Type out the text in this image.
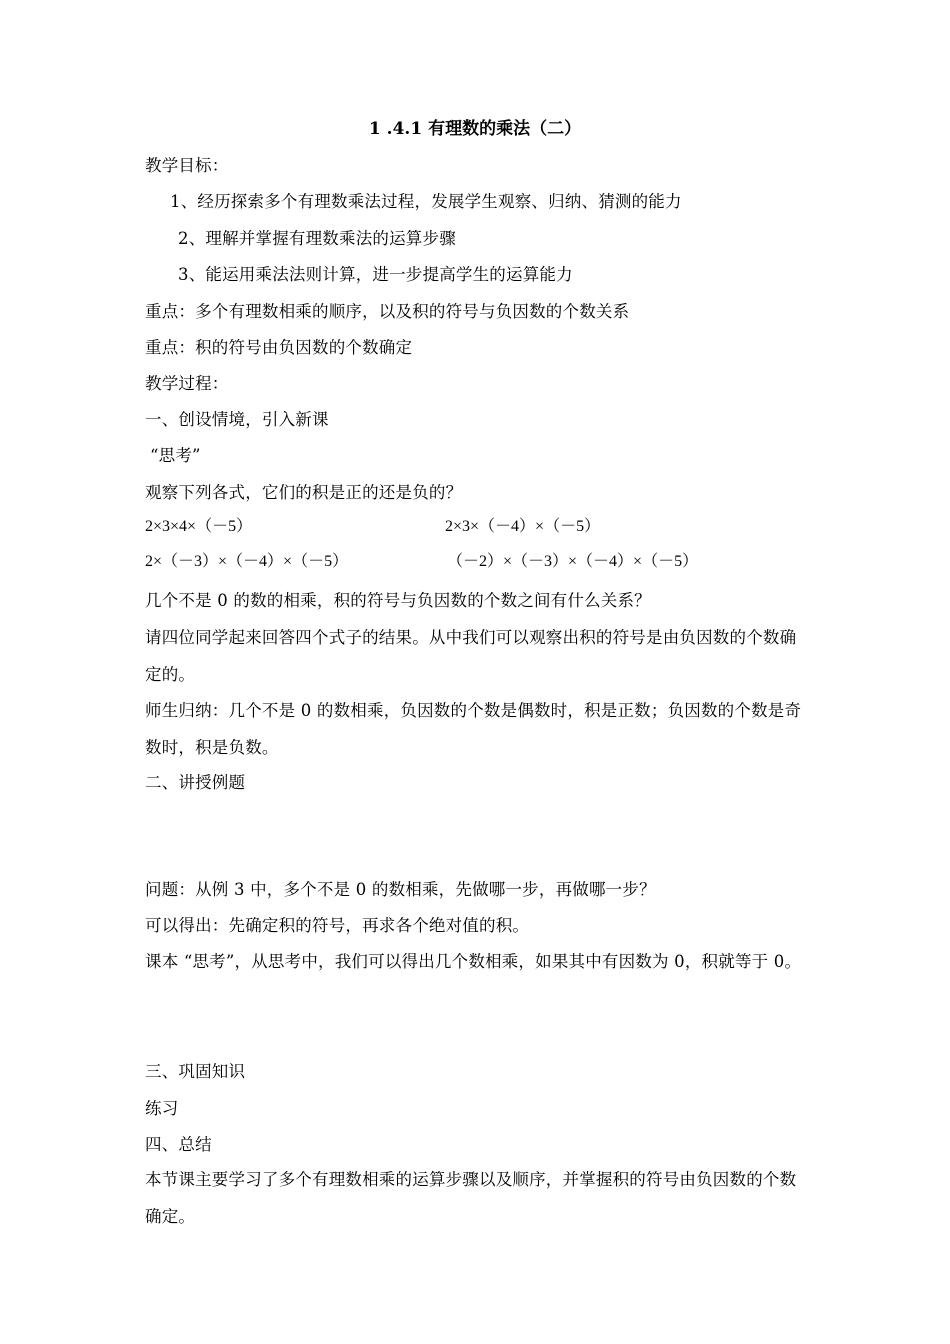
1 .4.1 有理数的乘法（二）
教学目标：
1、经历探索多个有理数乘法过程，发展学生观察、归纳、猜测的能力
2、理解并掌握有理数乘法的运算步骤
3、能运用乘法法则计算，进一步提高学生的运算能力
重点：多个有理数相乘的顺序，以及积的符号与负因数的个数关系
重点：积的符号由负因数的个数确定
教学过程：
一、创设情境，引入新课
“思考”
观察下列各式，它们的积是正的还是负的？
2×3×4×（－5）	2×3×（－4）×（－5）
2×（－3）×（－4）×（－5）	（－2）×（－3）×（－4）×（－5）
几个不是 0 的数的相乘，积的符号与负因数的个数之间有什么关系？
请四位同学起来回答四个式子的结果。从中我们可以观察出积的符号是由负因数的个数确定的。
师生归纳：几个不是 0 的数相乘，负因数的个数是偶数时，积是正数；负因数的个数是奇数时，积是负数。
二、讲授例题
问题：从例 3 中，多个不是 0 的数相乘，先做哪一步，再做哪一步？
可以得出：先确定积的符号，再求各个绝对值的积。
课本 “思考”，从思考中，我们可以得出几个数相乘，如果其中有因数为 0，积就等于 0。
三、巩固知识
练习
四、总结
本节课主要学习了多个有理数相乘的运算步骤以及顺序，并掌握积的符号由负因数的个数确定。
